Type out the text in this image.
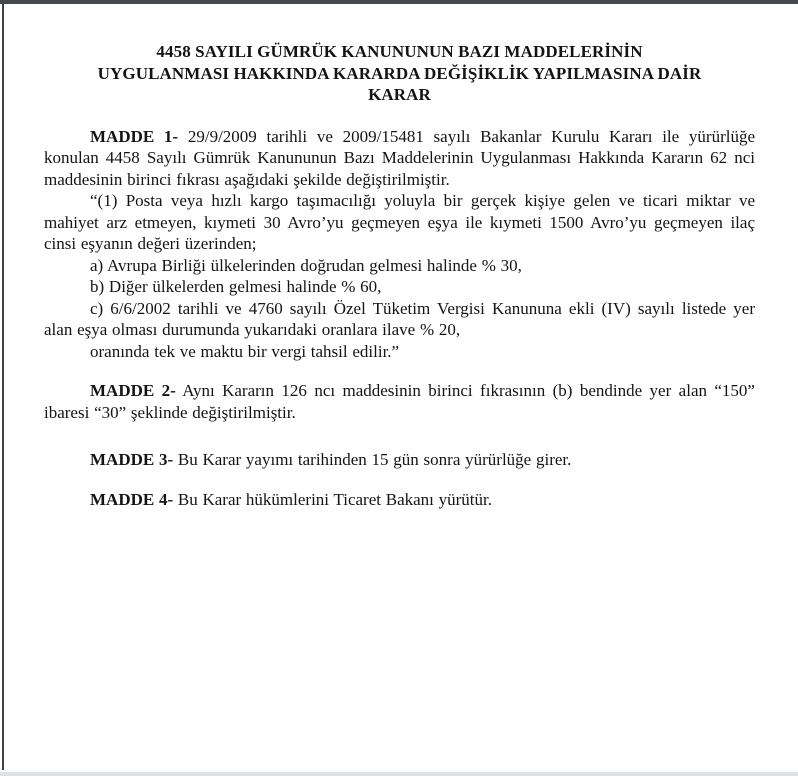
4458 SAYILI GÜMRÜK KANUNUNUN BAZI MADDELERİNİN
UYGULANMASI HAKKINDA KARARDA DEĞİŞİKLİK YAPILMASINA DAİR
KARAR

MADDE 1- 29/9/2009 tarihli ve 2009/15481 sayılı Bakanlar Kurulu Kararı ile yürürlüğe konulan 4458 Sayılı Gümrük Kanununun Bazı Maddelerinin Uygulanması Hakkında Kararın 62 nci maddesinin birinci fıkrası aşağıdaki şekilde değiştirilmiştir.

“(1) Posta veya hızlı kargo taşımacılığı yoluyla bir gerçek kişiye gelen ve ticari miktar ve mahiyet arz etmeyen, kıymeti 30 Avro’yu geçmeyen eşya ile kıymeti 1500 Avro’yu geçmeyen ilaç cinsi eşyanın değeri üzerinden;

a) Avrupa Birliği ülkelerinden doğrudan gelmesi halinde % 30,

b) Diğer ülkelerden gelmesi halinde % 60,

c) 6/6/2002 tarihli ve 4760 sayılı Özel Tüketim Vergisi Kanununa ekli (IV) sayılı listede yer alan eşya olması durumunda yukarıdaki oranlara ilave % 20,

oranında tek ve maktu bir vergi tahsil edilir.”

MADDE 2- Aynı Kararın 126 ncı maddesinin birinci fıkrasının (b) bendinde yer alan “150” ibaresi “30” şeklinde değiştirilmiştir.

MADDE 3- Bu Karar yayımı tarihinden 15 gün sonra yürürlüğe girer.

MADDE 4- Bu Karar hükümlerini Ticaret Bakanı yürütür.
